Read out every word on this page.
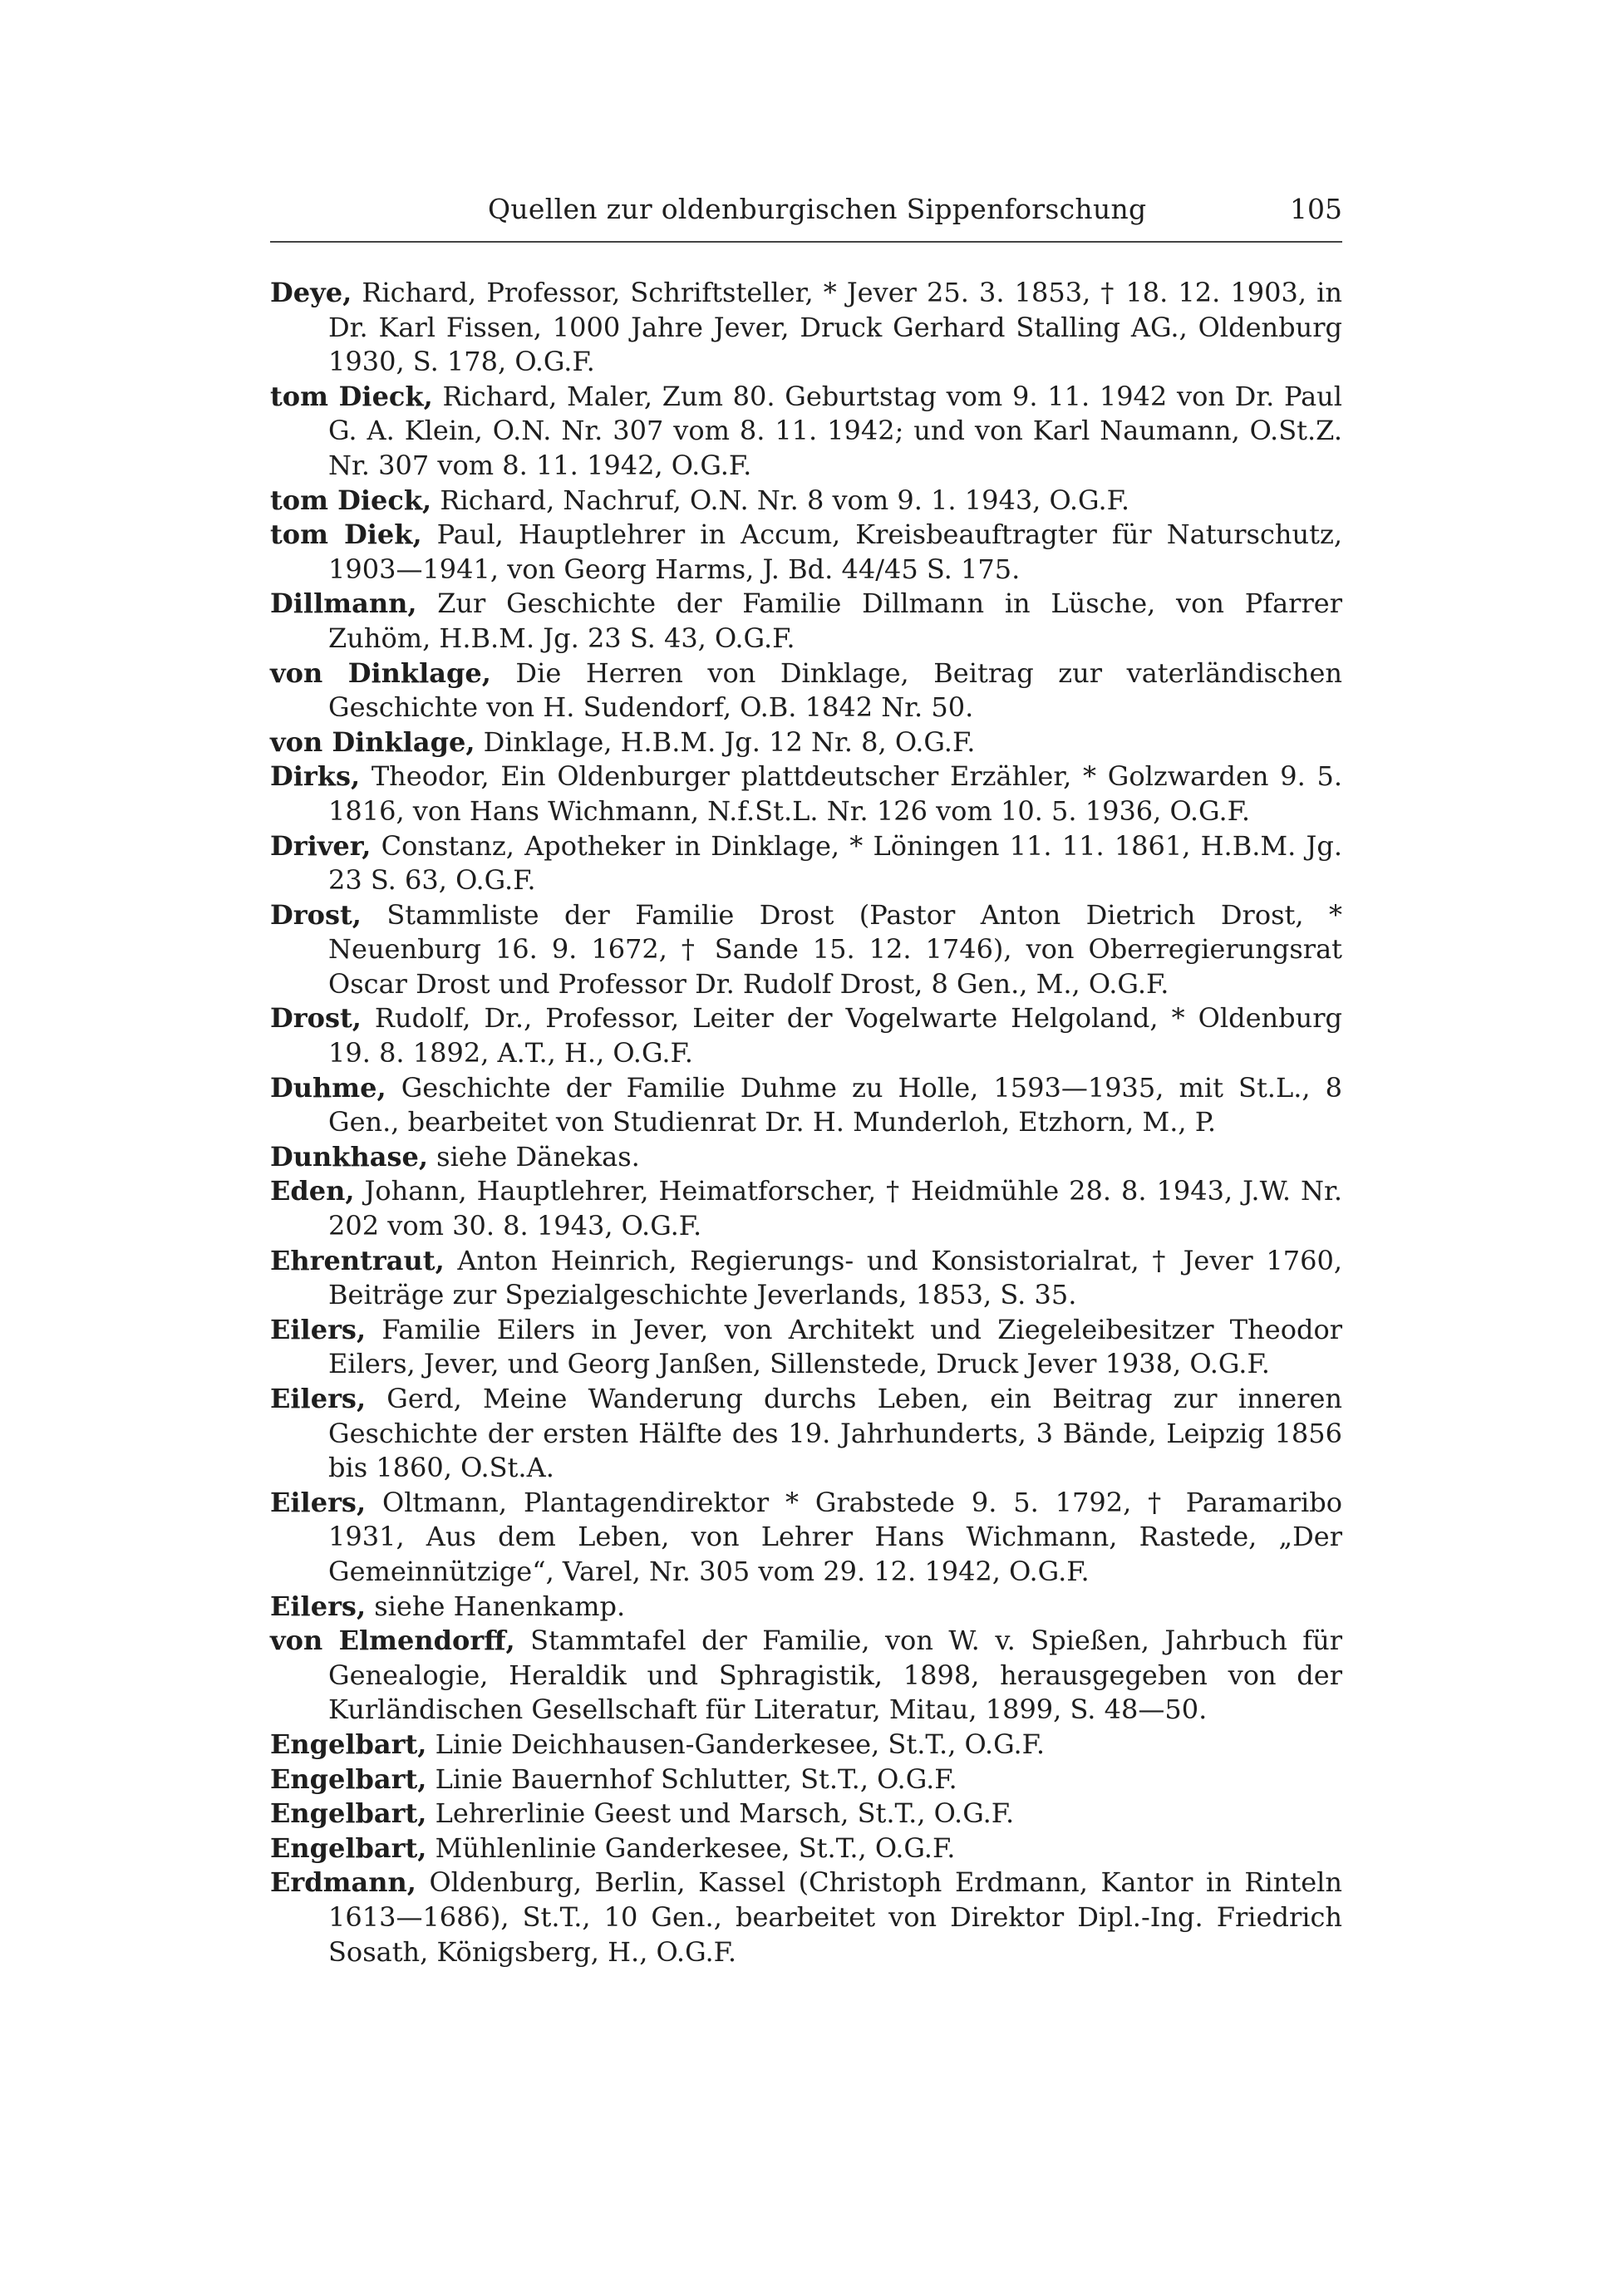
Quellen zur oldenburgischen Sippenforschung	105

Deye, Richard, Professor, Schriftsteller, * Jever 25. 3. 1853, † 18. 12. 1903, in Dr. Karl Fissen, 1000 Jahre Jever, Druck Gerhard Stalling AG., Oldenburg 1930, S. 178, O.G.F.

tom Dieck, Richard, Maler, Zum 80. Geburtstag vom 9. 11. 1942 von Dr. Paul G. A. Klein, O.N. Nr. 307 vom 8. 11. 1942; und von Karl Naumann, O.St.Z. Nr. 307 vom 8. 11. 1942, O.G.F.

tom Dieck, Richard, Nachruf, O.N. Nr. 8 vom 9. 1. 1943, O.G.F.

tom Diek, Paul, Hauptlehrer in Accum, Kreisbeauftragter für Naturschutz, 1903—1941, von Georg Harms, J. Bd. 44/45 S. 175.

Dillmann, Zur Geschichte der Familie Dillmann in Lüsche, von Pfarrer Zuhöm, H.B.M. Jg. 23 S. 43, O.G.F.

von Dinklage, Die Herren von Dinklage, Beitrag zur vaterländischen Geschichte von H. Sudendorf, O.B. 1842 Nr. 50.

von Dinklage, Dinklage, H.B.M. Jg. 12 Nr. 8, O.G.F.

Dirks, Theodor, Ein Oldenburger plattdeutscher Erzähler, * Golzwarden 9. 5. 1816, von Hans Wichmann, N.f.St.L. Nr. 126 vom 10. 5. 1936, O.G.F.

Driver, Constanz, Apotheker in Dinklage, * Löningen 11. 11. 1861, H.B.M. Jg. 23 S. 63, O.G.F.

Drost, Stammliste der Familie Drost (Pastor Anton Dietrich Drost, * Neuenburg 16. 9. 1672, † Sande 15. 12. 1746), von Oberregierungsrat Oscar Drost und Professor Dr. Rudolf Drost, 8 Gen., M., O.G.F.

Drost, Rudolf, Dr., Professor, Leiter der Vogelwarte Helgoland, * Oldenburg 19. 8. 1892, A.T., H., O.G.F.

Duhme, Geschichte der Familie Duhme zu Holle, 1593—1935, mit St.L., 8 Gen., bearbeitet von Studienrat Dr. H. Munderloh, Etzhorn, M., P.

Dunkhase, siehe Dänekas.

Eden, Johann, Hauptlehrer, Heimatforscher, † Heidmühle 28. 8. 1943, J.W. Nr. 202 vom 30. 8. 1943, O.G.F.

Ehrentraut, Anton Heinrich, Regierungs- und Konsistorialrat, † Jever 1760, Beiträge zur Spezialgeschichte Jeverlands, 1853, S. 35.

Eilers, Familie Eilers in Jever, von Architekt und Ziegeleibesitzer Theodor Eilers, Jever, und Georg Janßen, Sillenstede, Druck Jever 1938, O.G.F.

Eilers, Gerd, Meine Wanderung durchs Leben, ein Beitrag zur inneren Geschichte der ersten Hälfte des 19. Jahrhunderts, 3 Bände, Leipzig 1856 bis 1860, O.St.A.

Eilers, Oltmann, Plantagendirektor * Grabstede 9. 5. 1792, † Paramaribo 1931, Aus dem Leben, von Lehrer Hans Wichmann, Rastede, „Der Gemeinnützige“, Varel, Nr. 305 vom 29. 12. 1942, O.G.F.

Eilers, siehe Hanenkamp.

von Elmendorff, Stammtafel der Familie, von W. v. Spießen, Jahrbuch für Genealogie, Heraldik und Sphragistik, 1898, herausgegeben von der Kurländischen Gesellschaft für Literatur, Mitau, 1899, S. 48—50.

Engelbart, Linie Deichhausen-Ganderkesee, St.T., O.G.F.

Engelbart, Linie Bauernhof Schlutter, St.T., O.G.F.

Engelbart, Lehrerlinie Geest und Marsch, St.T., O.G.F.

Engelbart, Mühlenlinie Ganderkesee, St.T., O.G.F.

Erdmann, Oldenburg, Berlin, Kassel (Christoph Erdmann, Kantor in Rinteln 1613—1686), St.T., 10 Gen., bearbeitet von Direktor Dipl.-Ing. Friedrich Sosath, Königsberg, H., O.G.F.
